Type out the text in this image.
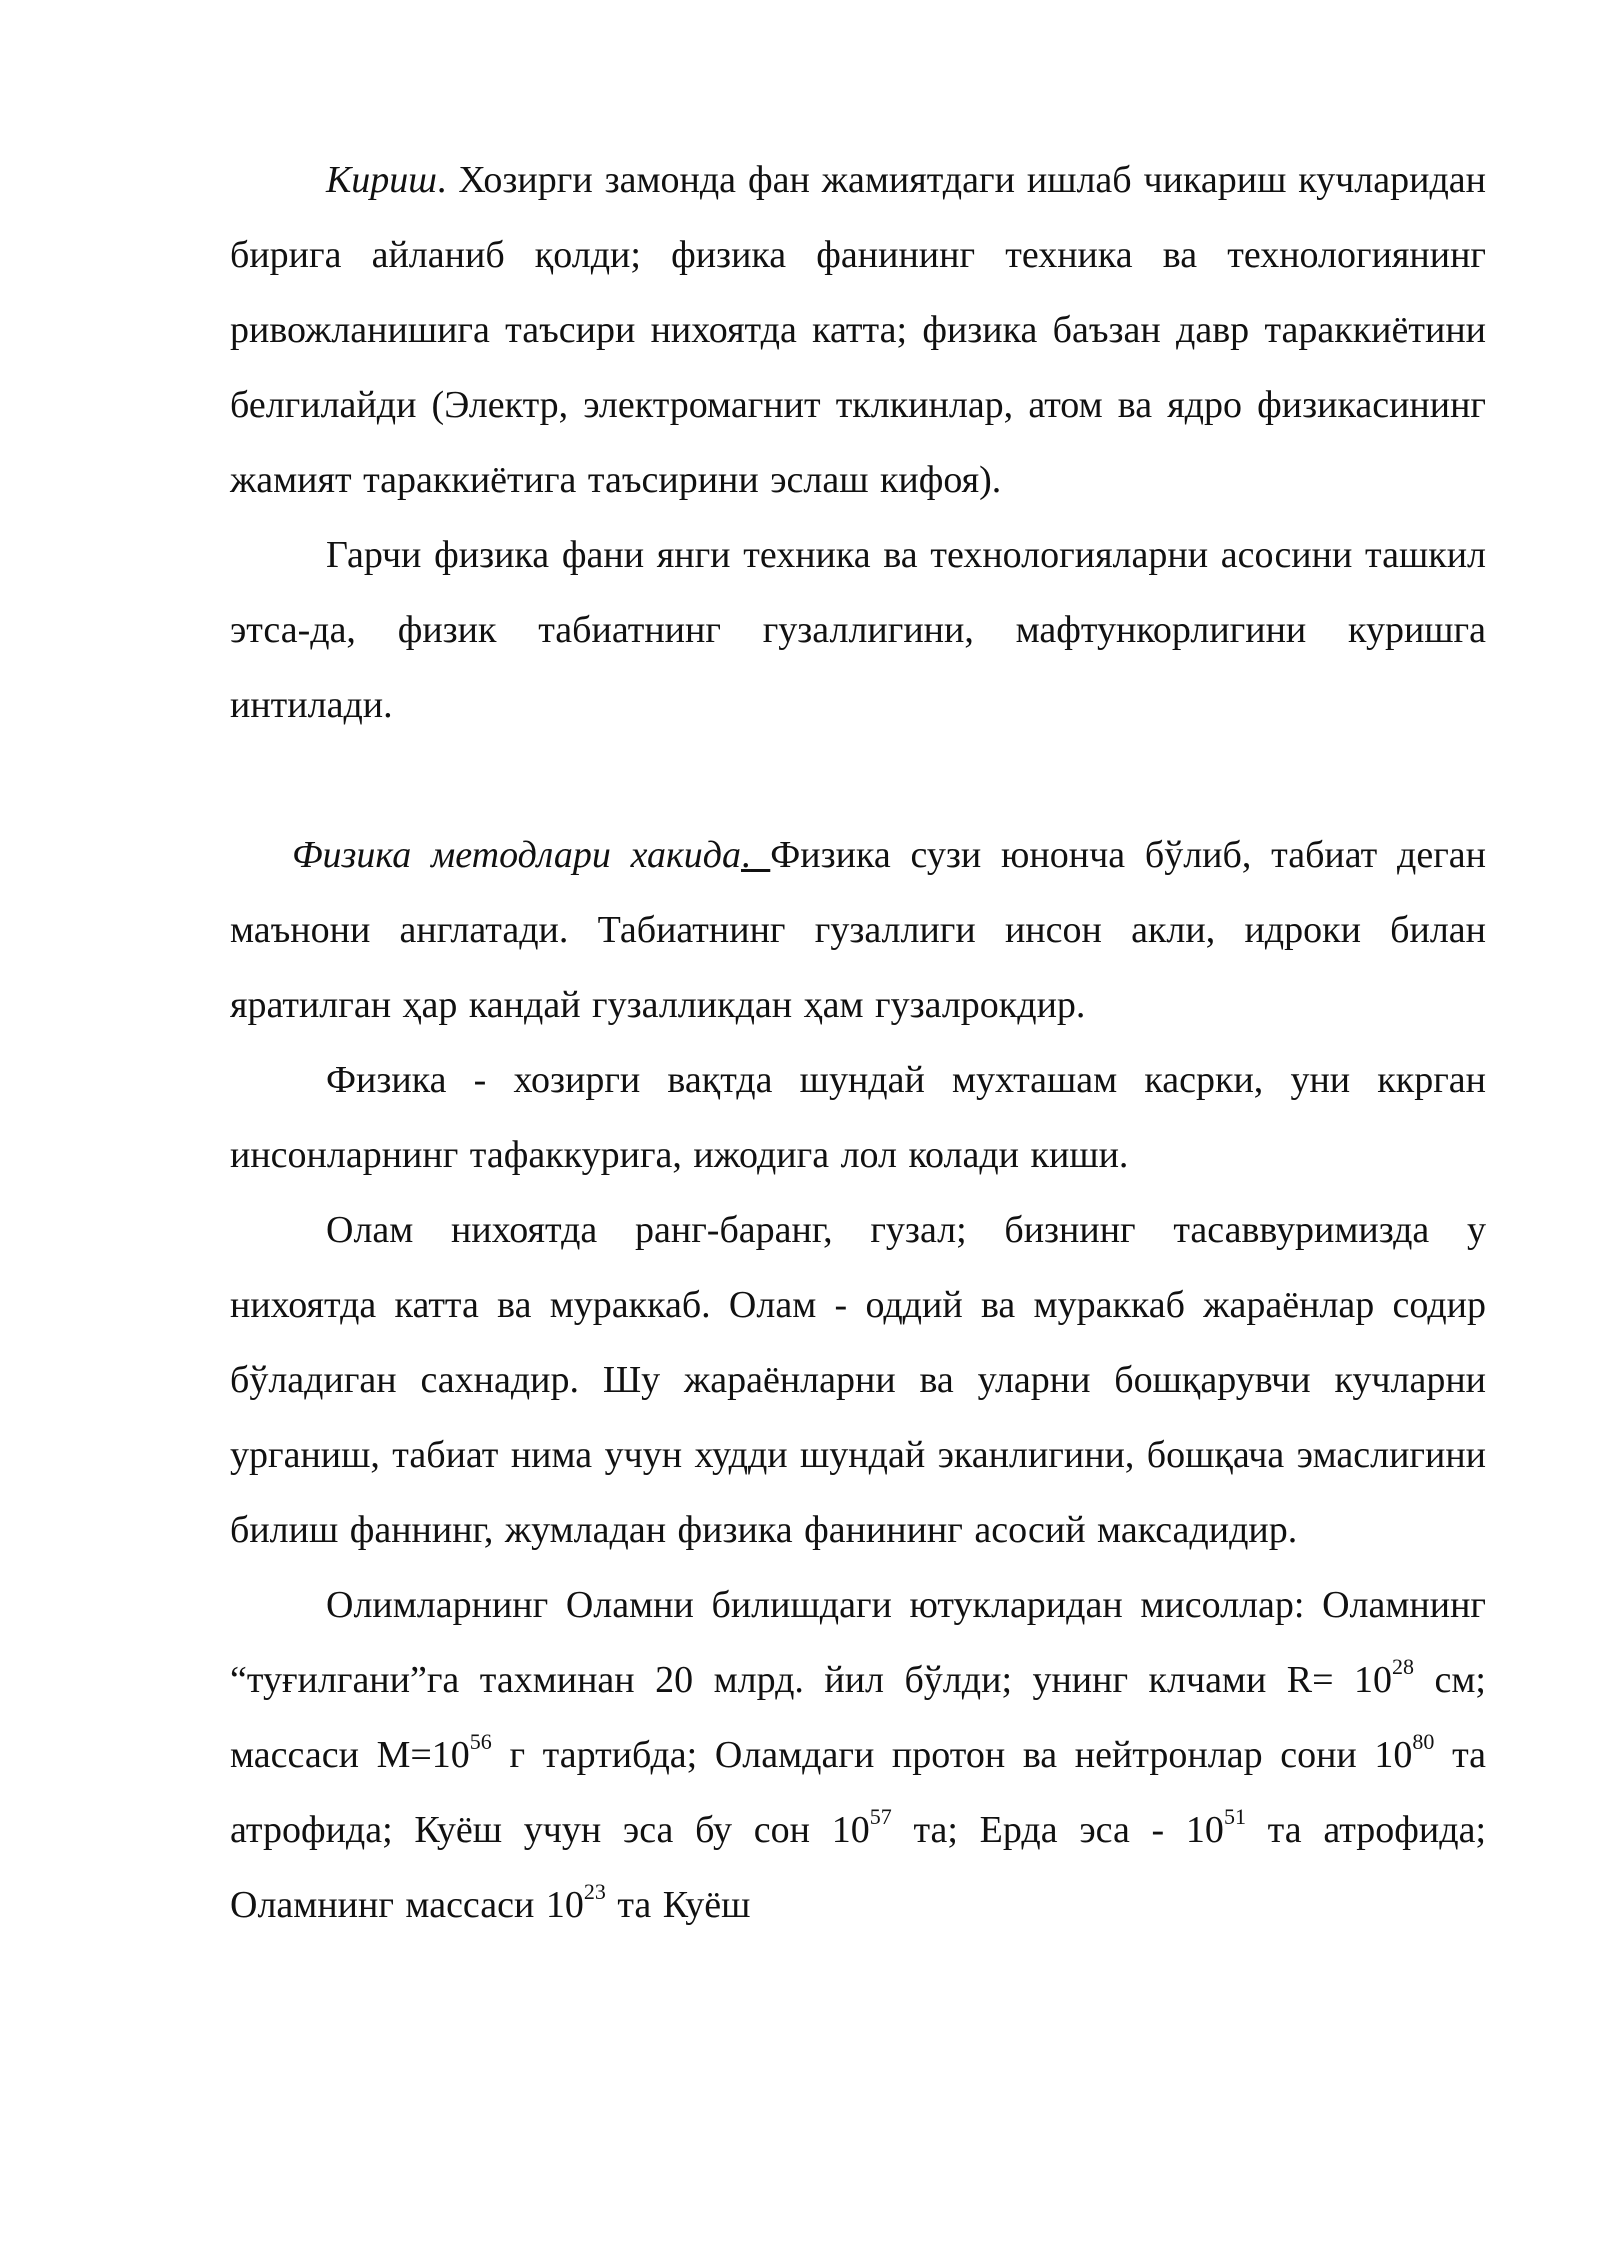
Кириш. Хозирги замонда фан жамиятдаги ишлаб чикариш кучларидан бирига айланиб қолди; физика фанининг техника ва технологиянинг ривожланишига таъсири нихоятда катта; физика баъзан давр тараккиётини белгилайди (Электр, электромагнит тклкинлар, атом ва ядро физикасининг жамият тараккиётига таъсирини эслаш кифоя).

Гарчи физика фани янги техника ва технологияларни асосини ташкил этса-да, физик табиатнинг гузаллигини, мафтункорлигини куришга интилади.

Физика методлари хакида. Физика сузи юнонча бўлиб, табиат деган маънони англатади. Табиатнинг гузаллиги инсон акли, идроки билан яратилган ҳар кандай гузалликдан ҳам гузалрокдир.

Физика - хозирги вақтда шундай мухташам касрки, уни ккрган инсонларнинг тафаккурига, ижодига лол колади киши.

Олам нихоятда ранг-баранг, гузал; бизнинг тасаввуримизда у нихоятда катта ва мураккаб. Олам - оддий ва мураккаб жараёнлар содир бўладиган сахнадир. Шу жараёнларни ва уларни бошқарувчи кучларни урганиш, табиат нима учун худди шундай эканлигини, бошқача эмаслигини билиш фаннинг, жумладан физика фанининг асосий максадидир.

Олимларнинг Оламни билишдаги ютукларидан мисоллар: Оламнинг “туғилгани”га тахминан 20 млрд. йил бўлди; унинг клчами $R= 10^{28}$ см; массаси $М=10^{56}$ г тартибда; Оламдаги протон ва нейтронлар сони $10^{80}$ та атрофида; Куёш учун эса бу сон $10^{57}$ та; Ерда эса - $10^{51}$ та атрофида; Оламнинг массаси $10^{23}$ та Куёш
